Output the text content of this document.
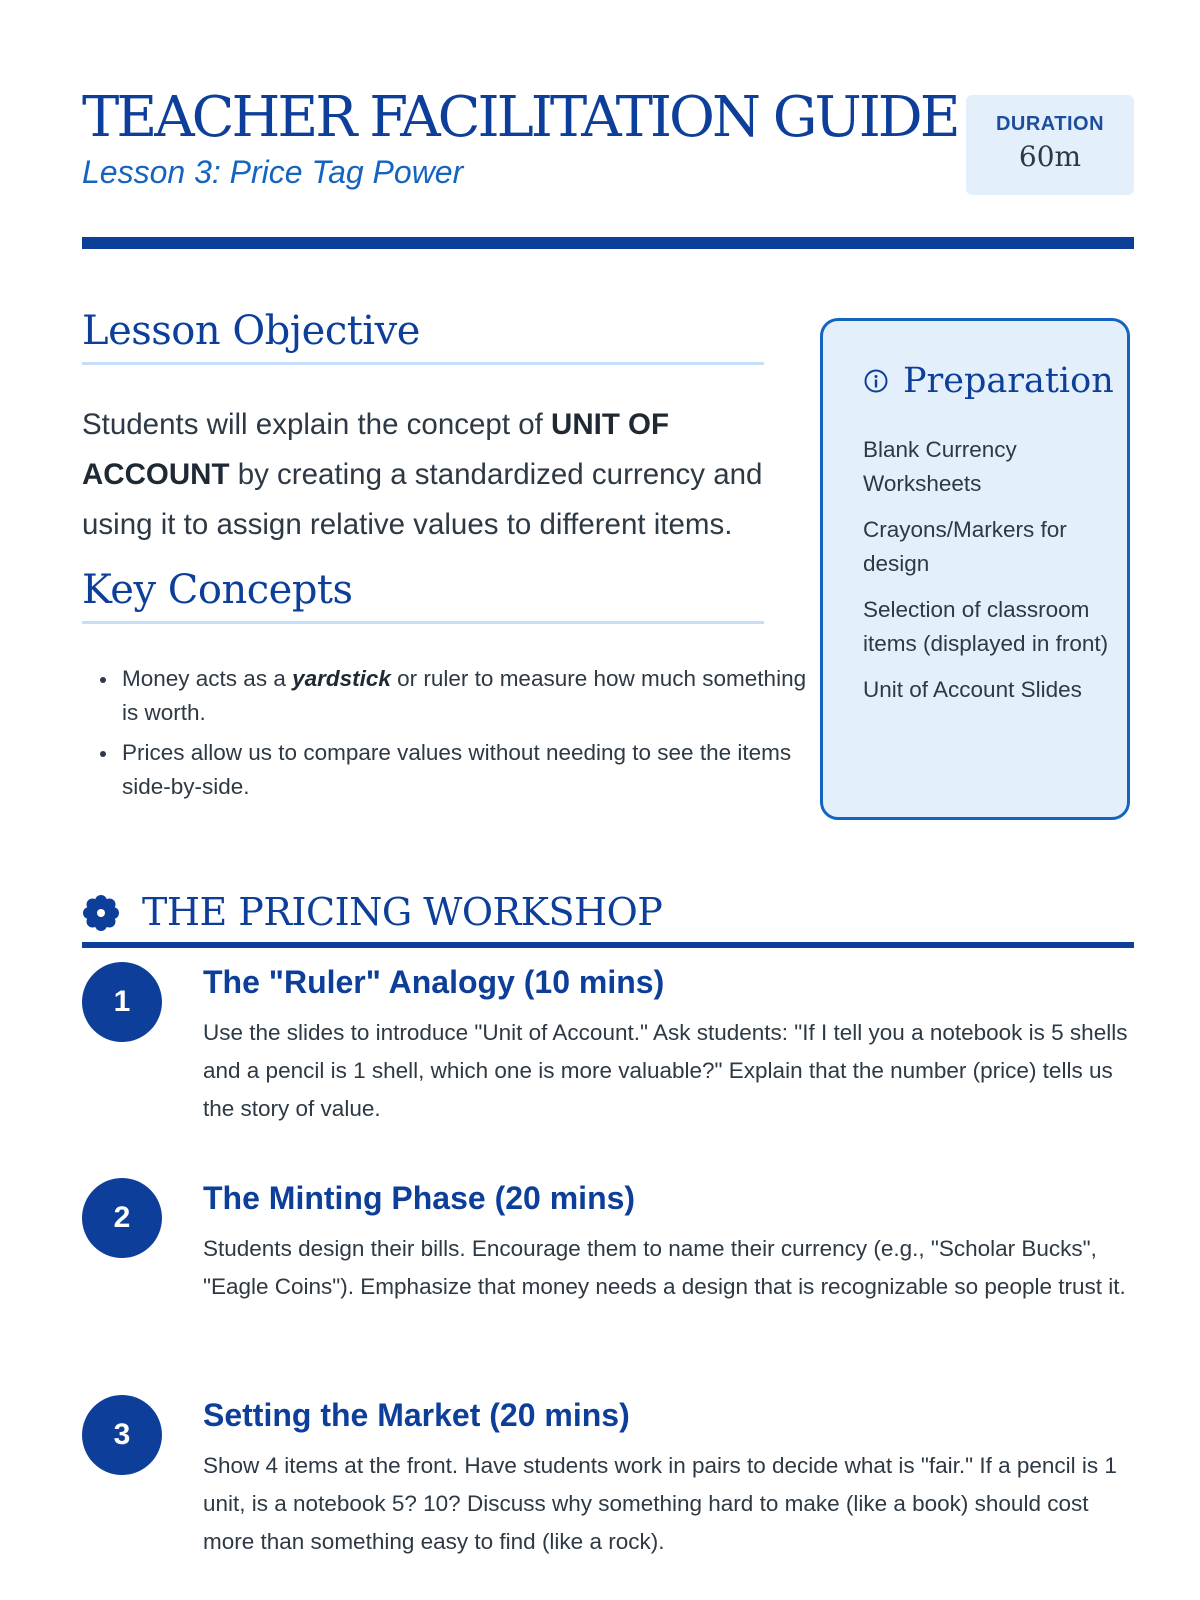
TEACHER FACILITATION GUIDE
Lesson 3: Price Tag Power
DURATION
60m
Lesson Objective
Students will explain the concept of UNIT OF ACCOUNT by creating a standardized currency and using it to assign relative values to different items.
Key Concepts
Money acts as a yardstick or ruler to measure how much something is worth.
Prices allow us to compare values without needing to see the items side-by-side.
Preparation
Blank Currency Worksheets
Crayons/Markers for design
Selection of classroom items (displayed in front)
Unit of Account Slides
THE PRICING WORKSHOP
1
The "Ruler" Analogy (10 mins)
Use the slides to introduce "Unit of Account." Ask students: "If I tell you a notebook is 5 shells and a pencil is 1 shell, which one is more valuable?" Explain that the number (price) tells us the story of value.
2
The Minting Phase (20 mins)
Students design their bills. Encourage them to name their currency (e.g., "Scholar Bucks", "Eagle Coins"). Emphasize that money needs a design that is recognizable so people trust it.
3
Setting the Market (20 mins)
Show 4 items at the front. Have students work in pairs to decide what is "fair." If a pencil is 1 unit, is a notebook 5? 10? Discuss why something hard to make (like a book) should cost more than something easy to find (like a rock).
